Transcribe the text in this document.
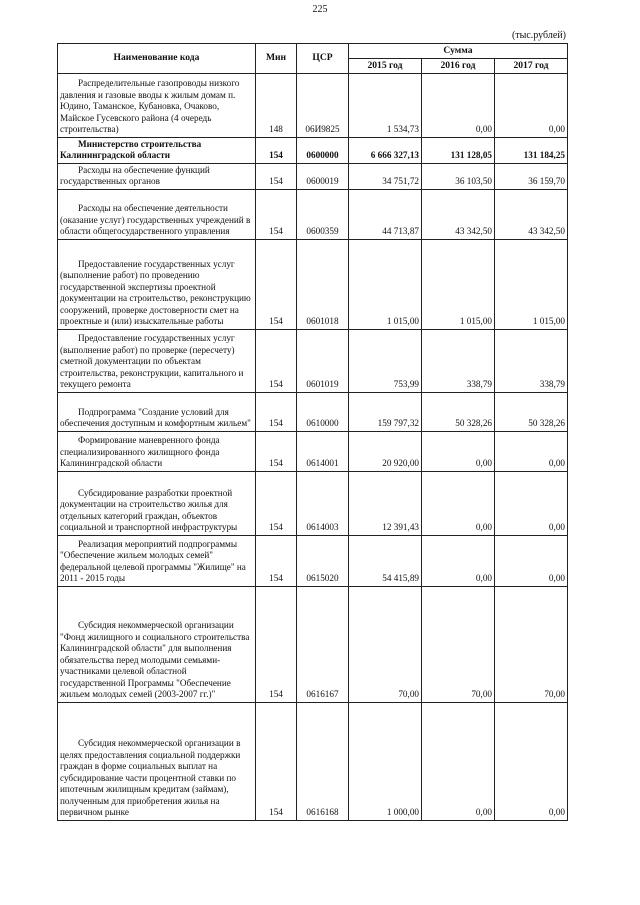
225
(тыс.рублей)
Наименование кода	Мин	ЦСР	Сумма		
			2015 год	2016 год	2017 год
Распределительные газопроводы низкого давления и газовые вводы к жилым домам п. Юдино, Таманское, Кубановка, Очаково, Майское Гусевского района (4 очередь строительства)	148	06И9825	1 534,73	0,00	0,00
Министерство строительства Калининградской области	154	0600000	6 666 327,13	131 128,05	131 184,25
Расходы на обеспечение функций государственных органов	154	0600019	34 751,72	36 103,50	36 159,70
Расходы на обеспечение деятельности (оказание услуг) государственных учреждений в области общегосударственного управления	154	0600359	44 713,87	43 342,50	43 342,50
Предоставление государственных услуг (выполнение работ) по проведению государственной экспертизы проектной документации на строительство, реконструкцию сооружений, проверке достоверности смет на проектные и (или) изыскательные работы	154	0601018	1 015,00	1 015,00	1 015,00
Предоставление государственных услуг (выполнение работ) по проверке (пересчету) сметной документации по объектам строительства, реконструкции, капитального и текущего ремонта	154	0601019	753,99	338,79	338,79
Подпрограмма "Создание условий для обеспечения доступным и комфортным жильем"	154	0610000	159 797,32	50 328,26	50 328,26
Формирование маневренного фонда специализированного жилищного фонда Калининградской области	154	0614001	20 920,00	0,00	0,00
Субсидирование разработки проектной документации на строительство жилья для отдельных категорий граждан, объектов социальной и транспортной инфраструктуры	154	0614003	12 391,43	0,00	0,00
Реализация мероприятий подпрограммы "Обеспечение жильем молодых семей" федеральной целевой программы "Жилище" на 2011 - 2015 годы	154	0615020	54 415,89	0,00	0,00
Субсидия некоммерческой организации "Фонд жилищного и социального строительства Калининградской области" для выполнения обязательства перед молодыми семьями-участниками целевой областной государственной Программы "Обеспечение жильем молодых семей (2003-2007 гг.)"	154	0616167	70,00	70,00	70,00
Субсидия некоммерческой организации в целях предоставления социальной поддержки граждан в форме социальных выплат на субсидирование части процентной ставки по ипотечным жилищным кредитам (займам), полученным для приобретения жилья на первичном рынке	154	0616168	1 000,00	0,00	0,00
